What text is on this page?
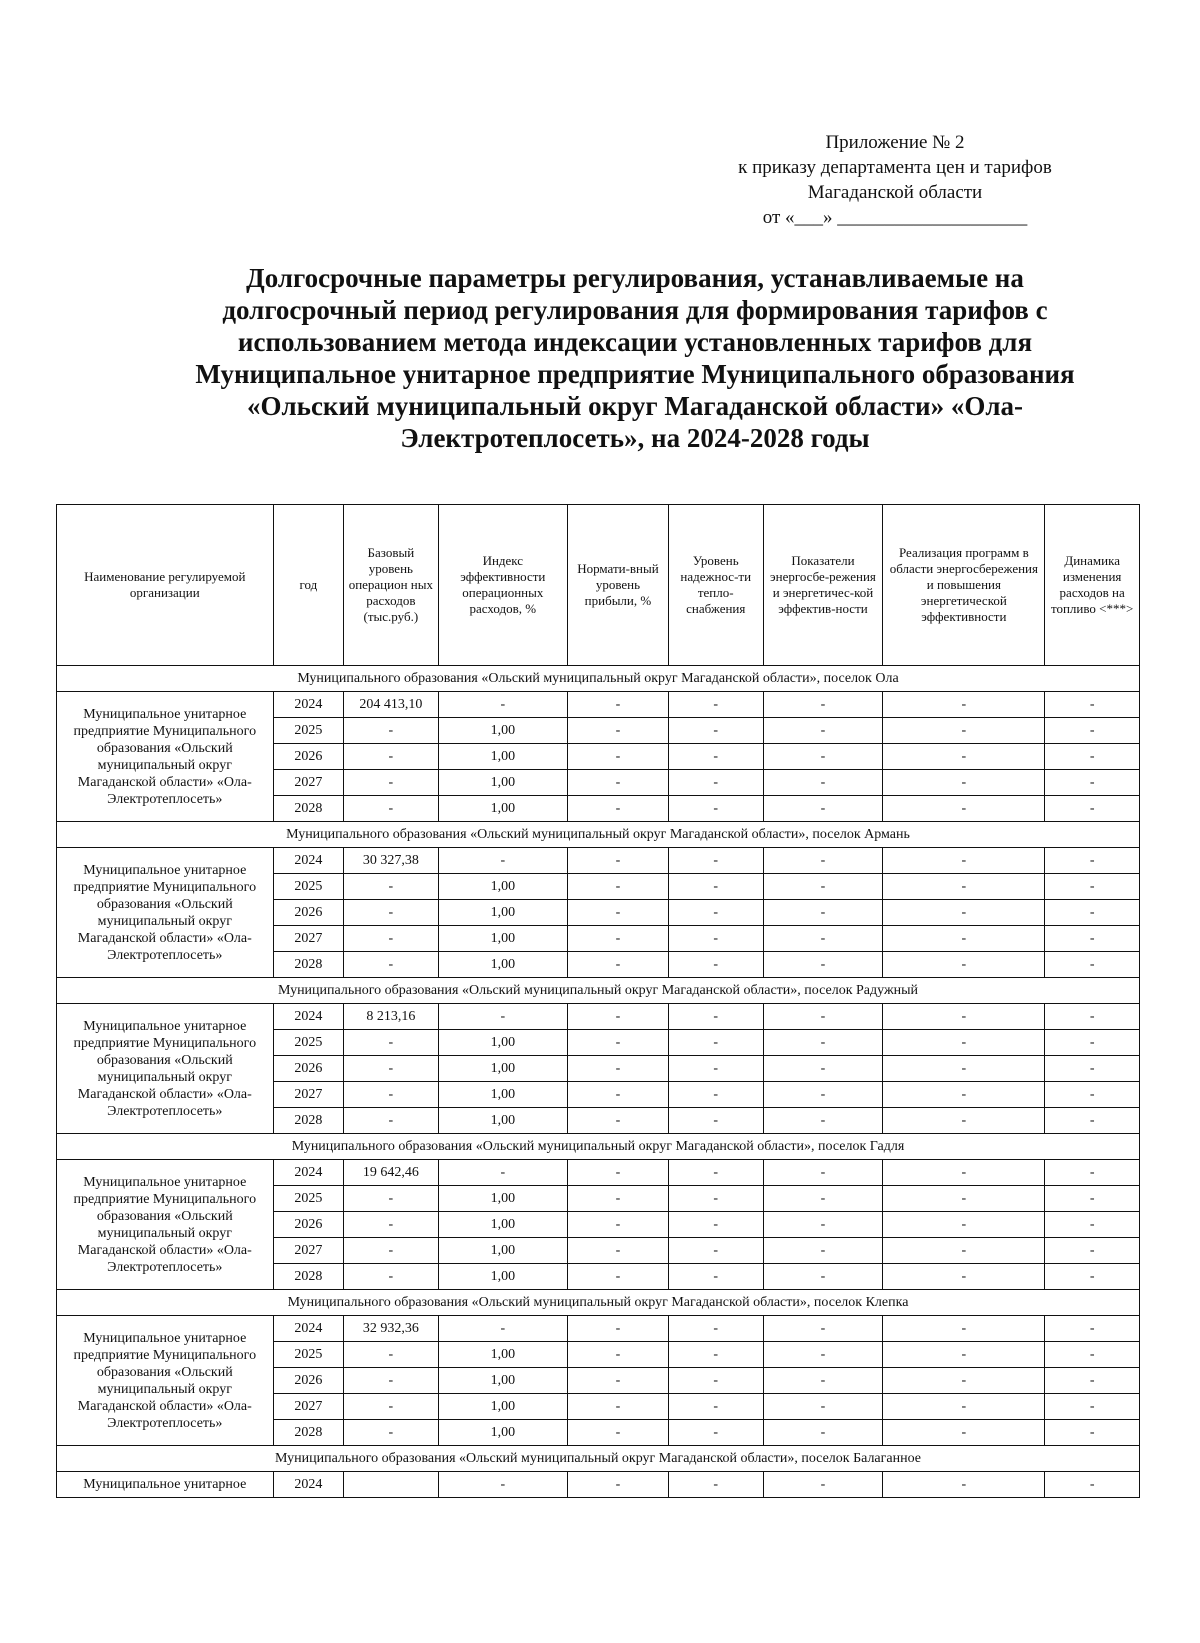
Приложение № 2
к приказу департамента цен и тарифов
Магаданской области
от «___» ____________________
Долгосрочные параметры регулирования, устанавливаемые на
долгосрочный период регулирования для формирования тарифов с
использованием метода индексации установленных тарифов для
Муниципальное унитарное предприятие Муниципального образования
«Ольский муниципальный округ Магаданской области» «Ола-
Электротеплосеть», на 2024-2028 годы
Наименование регулируемой организации	год	Базовый уровень операцион ных расходов (тыс.руб.)	Индекс эффективности операционных расходов, %	Нормати-вный уровень прибыли, %	Уровень надежнос-ти тепло-снабжения	Показатели энергосбе-режения и энергетичес-кой эффектив-ности	Реализация программ в области энергосбережения и повышения энергетической эффективности	Динамика изменения расходов на топливо <***>
Муниципального образования «Ольский муниципальный округ Магаданской области», поселок Ола								
Муниципальное унитарное предприятие Муниципального образования «Ольский муниципальный округ Магаданской области» «Ола-Электротеплосеть»	2024	204 413,10	-	-	-	-	-	-
	2025	-	1,00	-	-	-	-	-
	2026	-	1,00	-	-	-	-	-
	2027	-	1,00	-	-	-	-	-
	2028	-	1,00	-	-	-	-	-
Муниципального образования «Ольский муниципальный округ Магаданской области», поселок Армань								
Муниципальное унитарное предприятие Муниципального образования «Ольский муниципальный округ Магаданской области» «Ола-Электротеплосеть»	2024	30 327,38	-	-	-	-	-	-
	2025	-	1,00	-	-	-	-	-
	2026	-	1,00	-	-	-	-	-
	2027	-	1,00	-	-	-	-	-
	2028	-	1,00	-	-	-	-	-
Муниципального образования «Ольский муниципальный округ Магаданской области», поселок Радужный								
Муниципальное унитарное предприятие Муниципального образования «Ольский муниципальный округ Магаданской области» «Ола-Электротеплосеть»	2024	8 213,16	-	-	-	-	-	-
	2025	-	1,00	-	-	-	-	-
	2026	-	1,00	-	-	-	-	-
	2027	-	1,00	-	-	-	-	-
	2028	-	1,00	-	-	-	-	-
Муниципального образования «Ольский муниципальный округ Магаданской области», поселок Гадля								
Муниципальное унитарное предприятие Муниципального образования «Ольский муниципальный округ Магаданской области» «Ола-Электротеплосеть»	2024	19 642,46	-	-	-	-	-	-
	2025	-	1,00	-	-	-	-	-
	2026	-	1,00	-	-	-	-	-
	2027	-	1,00	-	-	-	-	-
	2028	-	1,00	-	-	-	-	-
Муниципального образования «Ольский муниципальный округ Магаданской области», поселок Клепка								
Муниципальное унитарное предприятие Муниципального образования «Ольский муниципальный округ Магаданской области» «Ола-Электротеплосеть»	2024	32 932,36	-	-	-	-	-	-
	2025	-	1,00	-	-	-	-	-
	2026	-	1,00	-	-	-	-	-
	2027	-	1,00	-	-	-	-	-
	2028	-	1,00	-	-	-	-	-
Муниципального образования «Ольский муниципальный округ Магаданской области», поселок Балаганное								
Муниципальное унитарное	2024		-	-	-	-	-	-
